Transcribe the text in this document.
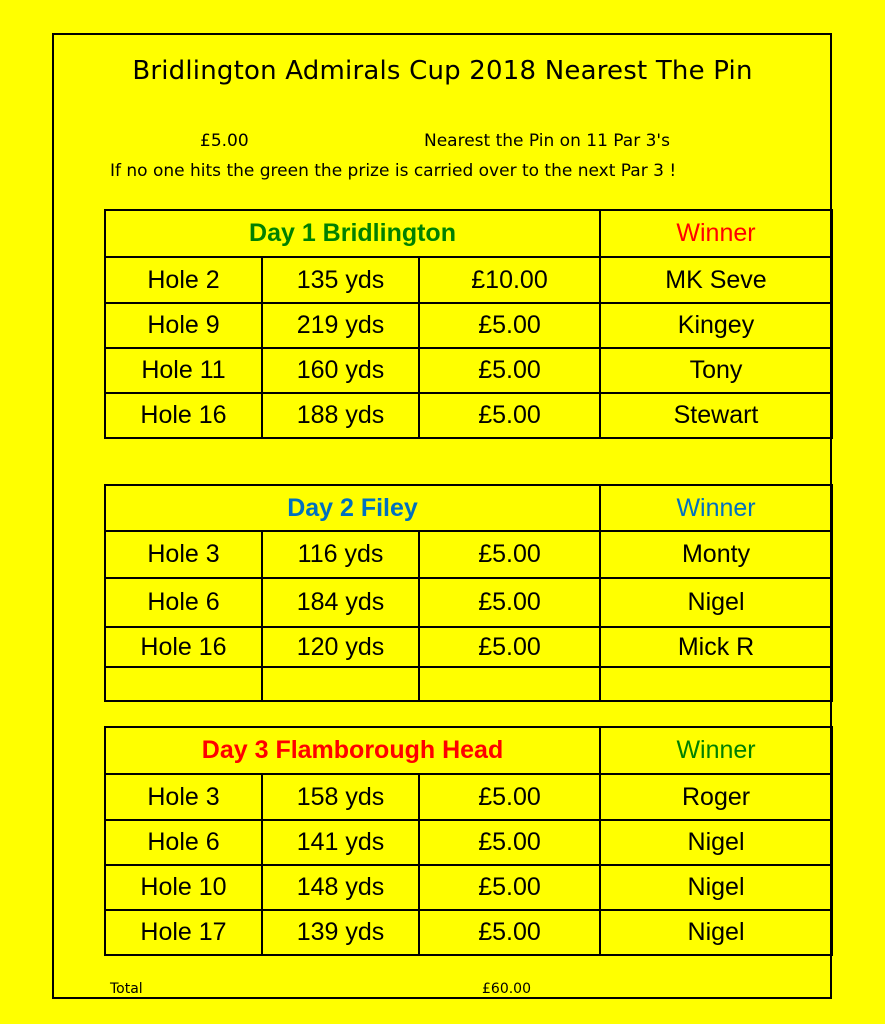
Bridlington Admirals Cup 2018 Nearest The Pin
£5.00	Nearest the Pin on 11 Par 3's
If no one hits the green the prize is carried over to the next Par 3 !
Day 1 Bridlington			Winner
Hole 2	135 yds	£10.00	MK Seve
Hole 9	219 yds	£5.00	Kingey
Hole 11	160 yds	£5.00	Tony
Hole 16	188 yds	£5.00	Stewart
Day 2 Filey			Winner
Hole 3	116 yds	£5.00	Monty
Hole 6	184 yds	£5.00	Nigel
Hole 16	120 yds	£5.00	Mick R

Day 3 Flamborough Head			Winner
Hole 3	158 yds	£5.00	Roger
Hole 6	141 yds	£5.00	Nigel
Hole 10	148 yds	£5.00	Nigel
Hole 17	139 yds	£5.00	Nigel
Total	£60.00
